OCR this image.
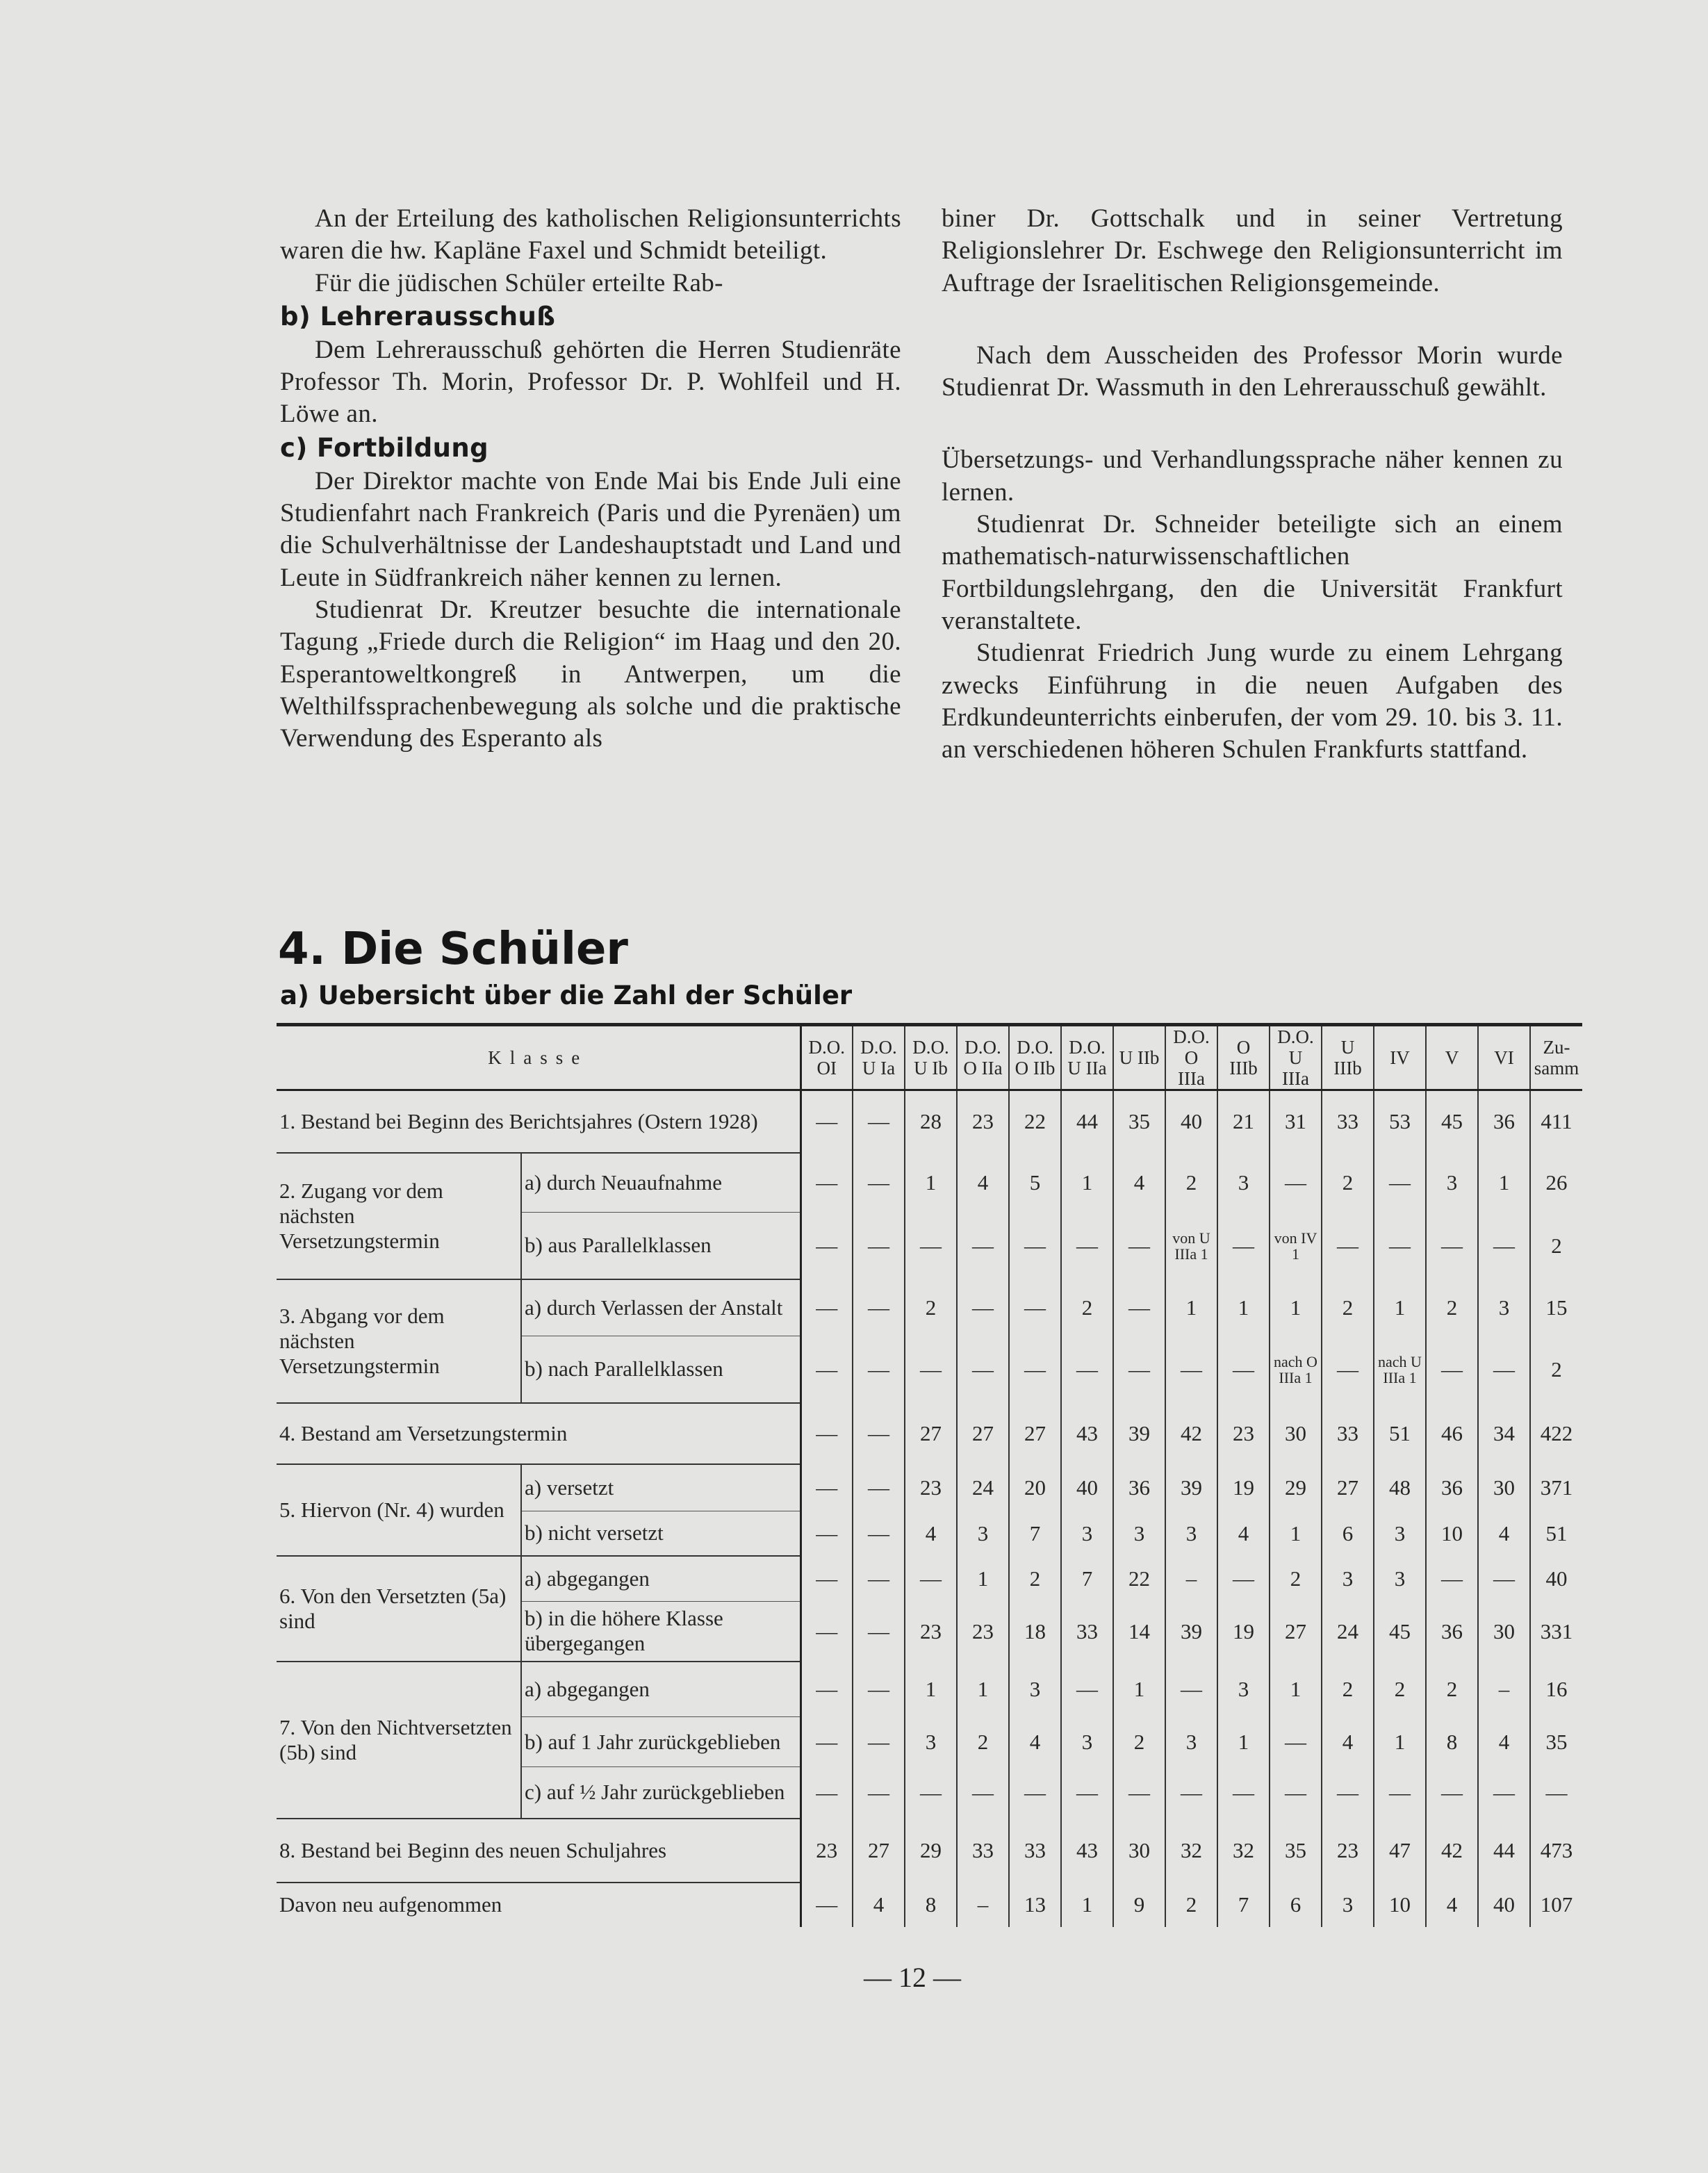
An der Erteilung des katholischen Religionsunterrichts waren die hw. Kapläne Faxel und Schmidt beteiligt.

Für die jüdischen Schüler erteilte Rab-

b) Lehrerausschuß

Dem Lehrerausschuß gehörten die Herren Studienräte Professor Th. Morin, Professor Dr. P. Wohlfeil und H. Löwe an.

c) Fortbildung

Der Direktor machte von Ende Mai bis Ende Juli eine Studienfahrt nach Frankreich (Paris und die Pyrenäen) um die Schulverhältnisse der Landeshauptstadt und Land und Leute in Südfrankreich näher kennen zu lernen.

Studienrat Dr. Kreutzer besuchte die internationale Tagung „Friede durch die Religion“ im Haag und den 20. Esperantoweltkongreß in Antwerpen, um die Welthilfssprachenbewegung als solche und die praktische Verwendung des Esperanto als

biner Dr. Gottschalk und in seiner Vertretung Religionslehrer Dr. Eschwege den Religionsunterricht im Auftrage der Israelitischen Religionsgemeinde.

Nach dem Ausscheiden des Professor Morin wurde Studienrat Dr. Wassmuth in den Lehrerausschuß gewählt.

Übersetzungs- und Verhandlungssprache näher kennen zu lernen.

Studienrat Dr. Schneider beteiligte sich an einem mathematisch-naturwissenschaftlichen Fortbildungslehrgang, den die Universität Frankfurt veranstaltete.

Studienrat Friedrich Jung wurde zu einem Lehrgang zwecks Einführung in die neuen Aufgaben des Erdkundeunterrichts einberufen, der vom 29. 10. bis 3. 11. an verschiedenen höheren Schulen Frankfurts stattfand.

4. Die Schüler
a) Uebersicht über die Zahl der Schüler
Klasse		D.O. OI	D.O. U Ia	D.O. U Ib	D.O. O IIa	D.O. O IIb	D.O. U IIa	U IIb	D.O. O IIIa	O IIIb	D.O. U IIIa	U IIIb	IV	V	VI	Zu-samm
1. Bestand bei Beginn des Berichtsjahres (Ostern 1928)		—	—	28	23	22	44	35	40	21	31	33	53	45	36	411
2. Zugang vor dem nächsten Versetzungstermin	a) durch Neuaufnahme	—	—	1	4	5	1	4	2	3	—	2	—	3	1	26
	b) aus Parallelklassen	—	—	—	—	—	—	—	von U IIIa 1	—	von IV 1	—	—	—	—	2
3. Abgang vor dem nächsten Versetzungstermin	a) durch Verlassen der Anstalt	—	—	2	—	—	2	—	1	1	1	2	1	2	3	15
	b) nach Parallelklassen	—	—	—	—	—	—	—	—	—	nach O IIIa 1	—	nach U IIIa 1	—	—	2
4. Bestand am Versetzungstermin		—	—	27	27	27	43	39	42	23	30	33	51	46	34	422
5. Hiervon (Nr. 4) wurden	a) versetzt	—	—	23	24	20	40	36	39	19	29	27	48	36	30	371
	b) nicht versetzt	—	—	4	3	7	3	3	3	4	1	6	3	10	4	51
6. Von den Versetzten (5a) sind	a) abgegangen	—	—	—	1	2	7	22	–	—	2	3	3	—	—	40
	b) in die höhere Klasse übergegangen	—	—	23	23	18	33	14	39	19	27	24	45	36	30	331
7. Von den Nichtversetzten (5b) sind	a) abgegangen	—	—	1	1	3	—	1	—	3	1	2	2	2	–	16
	b) auf 1 Jahr zurückgeblieben	—	—	3	2	4	3	2	3	1	—	4	1	8	4	35
	c) auf ½ Jahr zurückgeblieben	—	—	—	—	—	—	—	—	—	—	—	—	—	—	—
8. Bestand bei Beginn des neuen Schuljahres		23	27	29	33	33	43	30	32	32	35	23	47	42	44	473
Davon neu aufgenommen		—	4	8	–	13	1	9	2	7	6	3	10	4	40	107
— 12 —
